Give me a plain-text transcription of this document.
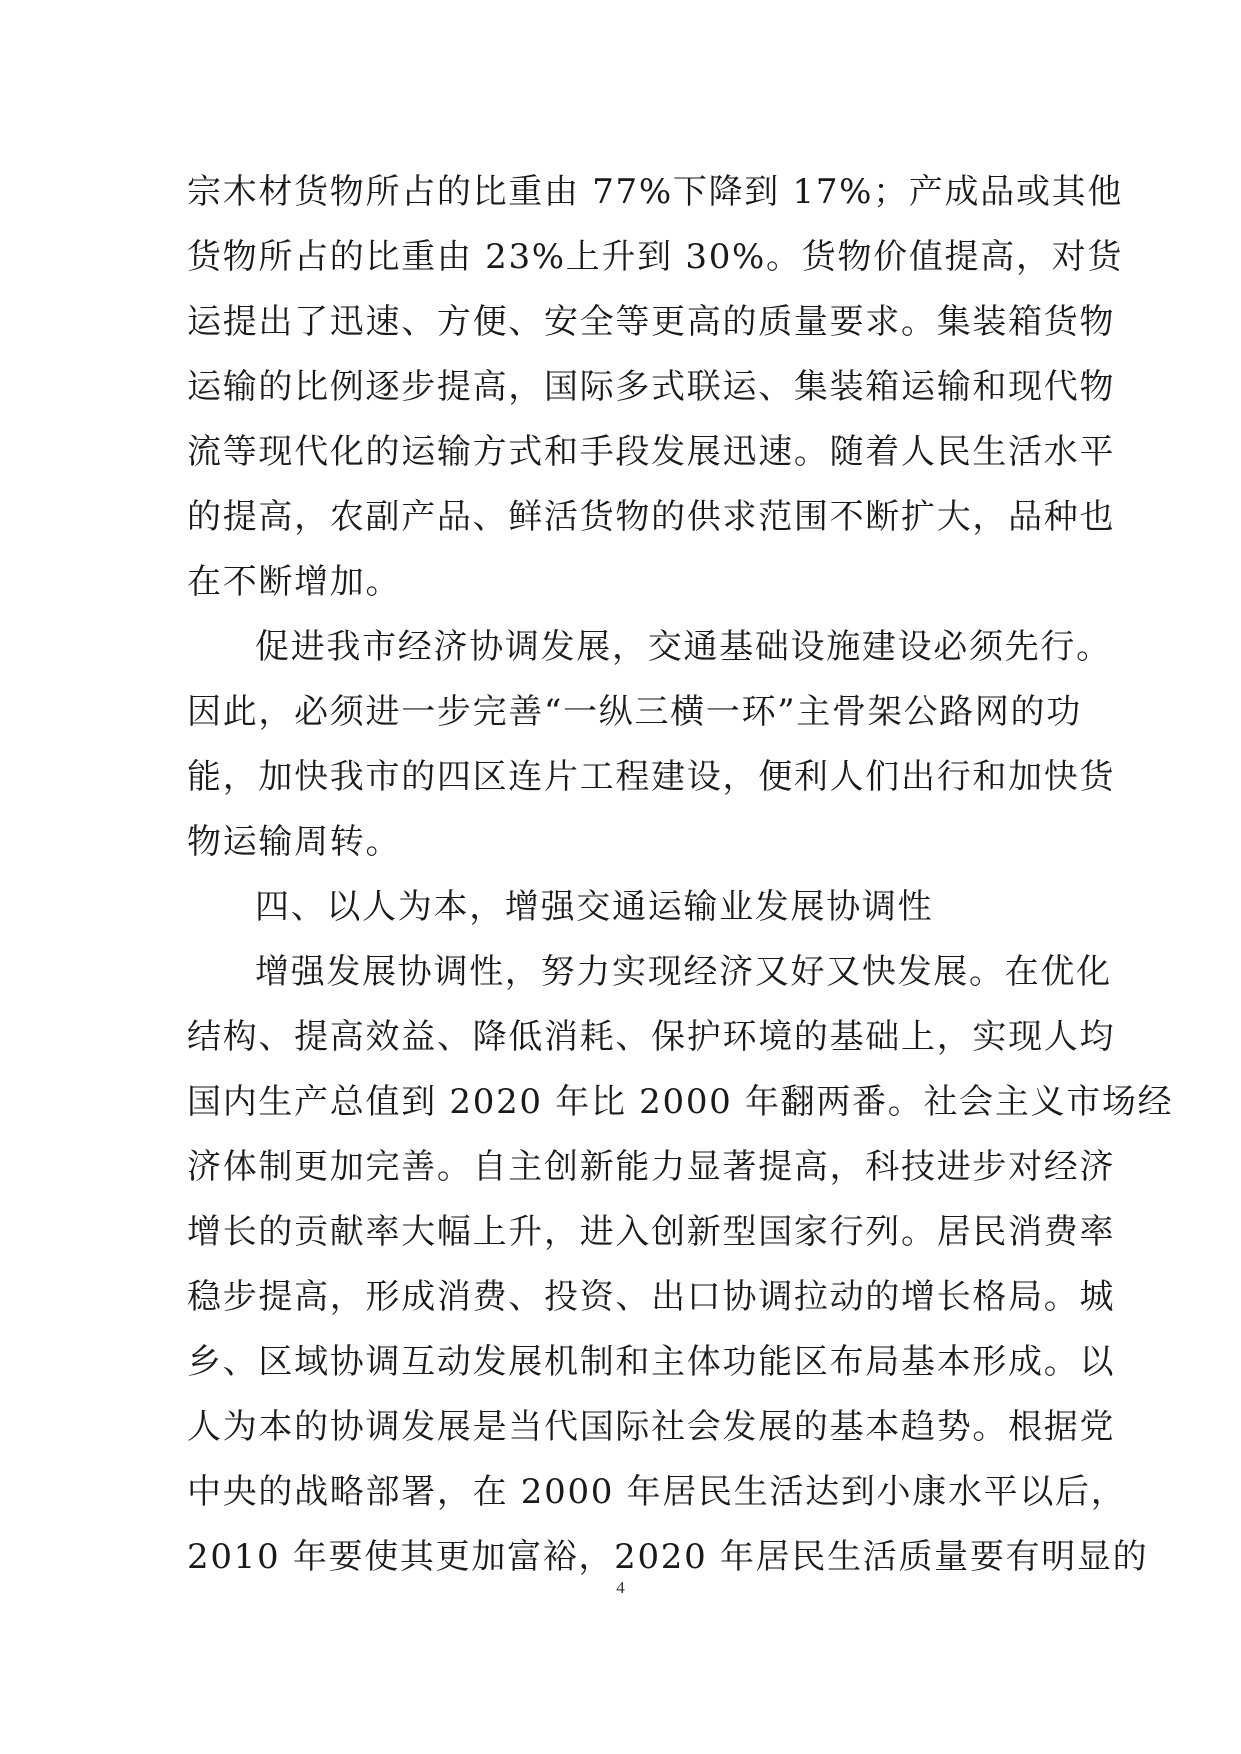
宗木材货物所占的比重由 77%下降到 17%；产成品或其他
货物所占的比重由 23%上升到 30%。货物价值提高，对货
运提出了迅速、方便、安全等更高的质量要求。集装箱货物
运输的比例逐步提高，国际多式联运、集装箱运输和现代物
流等现代化的运输方式和手段发展迅速。随着人民生活水平
的提高，农副产品、鲜活货物的供求范围不断扩大，品种也
在不断增加。
促进我市经济协调发展，交通基础设施建设必须先行。
因此，必须进一步完善“一纵三横一环”主骨架公路网的功
能，加快我市的四区连片工程建设，便利人们出行和加快货
物运输周转。
四、以人为本，增强交通运输业发展协调性
增强发展协调性，努力实现经济又好又快发展。在优化
结构、提高效益、降低消耗、保护环境的基础上，实现人均
国内生产总值到 2020 年比 2000 年翻两番。社会主义市场经
济体制更加完善。自主创新能力显著提高，科技进步对经济
增长的贡献率大幅上升，进入创新型国家行列。居民消费率
稳步提高，形成消费、投资、出口协调拉动的增长格局。城
乡、区域协调互动发展机制和主体功能区布局基本形成。以
人为本的协调发展是当代国际社会发展的基本趋势。根据党
中央的战略部署，在 2000 年居民生活达到小康水平以后，
2010 年要使其更加富裕，2020 年居民生活质量要有明显的
4
